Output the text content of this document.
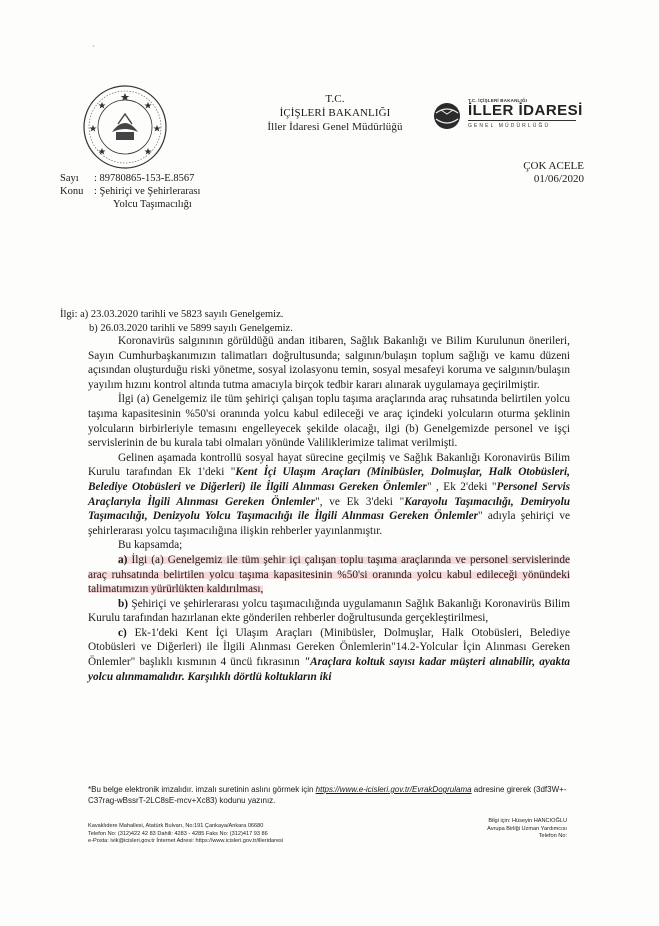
ˊ
T.C.
İÇİŞLERİ BAKANLIĞI
İller İdaresi Genel Müdürlüğü
T.C. İÇİŞLERİ BAKANLIĞI
İLLER İDARESİ
GENEL MÜDÜRLÜĞÜ
ÇOK ACELE
01/06/2020
Sayı : 89780865-153-E.8567
Konu : Şehiriçi ve Şehirlerarası
Yolcu Taşımacılığı
İlgi: a) 23.03.2020 tarihli ve 5823 sayılı Genelgemiz.
b) 26.03.2020 tarihli ve 5899 sayılı Genelgemiz.

Koronavirüs salgınının görüldüğü andan itibaren, Sağlık Bakanlığı ve Bilim Kurulunun önerileri, Sayın Cumhurbaşkanımızın talimatları doğrultusunda; salgının/bulaşın toplum sağlığı ve kamu düzeni açısından oluşturduğu riski yönetme, sosyal izolasyonu temin, sosyal mesafeyi koruma ve salgının/bulaşın yayılım hızını kontrol altında tutma amacıyla birçok tedbir kararı alınarak uygulamaya geçirilmiştir.

İlgi (a) Genelgemiz ile tüm şehiriçi çalışan toplu taşıma araçlarında araç ruhsatında belirtilen yolcu taşıma kapasitesinin %50'si oranında yolcu kabul edileceği ve araç içindeki yolcuların oturma şeklinin yolcuların birbirleriyle temasını engelleyecek şekilde olacağı, ilgi (b) Genelgemizde personel ve işçi servislerinin de bu kurala tabi olmaları yönünde Valiliklerimize talimat verilmişti.

Gelinen aşamada kontrollü sosyal hayat sürecine geçilmiş ve Sağlık Bakanlığı Koronavirüs Bilim Kurulu tarafından Ek 1'deki "Kent İçi Ulaşım Araçları (Minibüsler, Dolmuşlar, Halk Otobüsleri, Belediye Otobüsleri ve Diğerleri) ile İlgili Alınması Gereken Önlemler" , Ek 2'deki "Personel Servis Araçlarıyla İlgili Alınması Gereken Önlemler", ve Ek 3'deki "Karayolu Taşımacılığı, Demiryolu Taşımacılığı, Denizyolu Yolcu Taşımacılığı ile İlgili Alınması Gereken Önlemler" adıyla şehiriçi ve şehirlerarası yolcu taşımacılığına ilişkin rehberler yayınlanmıştır.

Bu kapsamda;

a) İlgi (a) Genelgemiz ile tüm şehir içi çalışan toplu taşıma araçlarında ve personel servislerinde araç ruhsatında belirtilen yolcu taşıma kapasitesinin %50'si oranında yolcu kabul edileceği yönündeki talimatımızın yürürlükten kaldırılması,

b) Şehiriçi ve şehirlerarası yolcu taşımacılığında uygulamanın Sağlık Bakanlığı Koronavirüs Bilim Kurulu tarafından hazırlanan ekte gönderilen rehberler doğrultusunda gerçekleştirilmesi,

c) Ek-1'deki Kent İçi Ulaşım Araçları (Minibüsler, Dolmuşlar, Halk Otobüsleri, Belediye Otobüsleri ve Diğerleri) ile İlgili Alınması Gereken Önlemlerin"14.2-Yolcular İçin Alınması Gereken Önlemler" başlıklı kısmının 4 üncü fıkrasının "Araçlara koltuk sayısı kadar müşteri alınabilir, ayakta yolcu alınmamalıdır. Karşılıklı dörtlü koltukların iki

*Bu belge elektronik imzalıdır. imzalı suretinin aslını görmek için https://www.e-icisleri.gov.tr/EvrakDogrulama adresine girerek (3df3W+-C37rag-wBssrT-2LC8sE-mcv+Xc83) kodunu yazınız.
Kavaklıdere Mahallesi, Atatürk Bulvarı, No:191 Çankaya/Ankara 06680
Telefon No: (312)422 42 83 Dahili: 4283 - 4285 Faks No: (312)417 93 86
e-Posta: ivik@icisleri.gov.tr İnternet Adresi: https://www.icisleri.gov.tr/illeridaresi
Bilgi için: Hüseyin HANCIOĞLU
Avrupa Birliği Uzman Yardımcısı
Telefon No:
